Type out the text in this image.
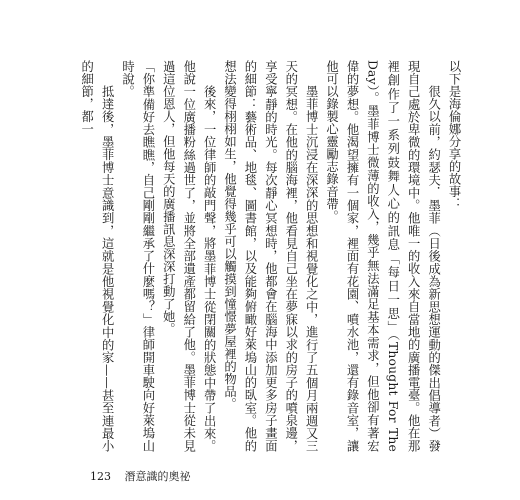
以下是海倫娜分享的故事：

很久以前，約瑟夫．墨菲（日後成為新思想運動的傑出倡導者）發現自己處於卑微的環境中。他唯一的收入來自當地的廣播電臺。他在那裡創作了一系列鼓舞人心的訊息「每日一思」（Thought For The Day）。墨菲博士微薄的收入，幾乎無法滿足基本需求，但他卻有著宏偉的夢想。他渴望擁有一個家，裡面有花園、噴水池，還有錄音室，讓他可以錄製心靈勵志錄音帶。

墨菲博士沉浸在深深的思想和視覺化之中，進行了五個月兩週又三天的冥想。在他的腦海裡，他看見自己坐在夢寐以求的房子的噴泉邊，享受寧靜的時光。每次靜心冥想時，他都會在腦海中添加更多房子畫面的細節：藝術品、地毯、圖書館，以及能夠俯瞰好萊塢山的臥室。他的想法變得栩栩如生，他覺得幾乎可以觸摸到憧憬夢屋裡的物品。

後來，一位律師的敲門聲，將墨菲博士從閉關的狀態中帶了出來。他說一位廣播粉絲過世了，並將全部遺產都留給了他。墨菲博士從未見過這位恩人，但他每天的廣播訊息深深打動了她。

「你準備好去瞧瞧，自己剛剛繼承了什麼嗎？」律師開車駛向好萊塢山時說。

抵達後，墨菲博士意識到，這就是他視覺化中的家——甚至連最小的細節，都一

123 潛意識的奧祕
